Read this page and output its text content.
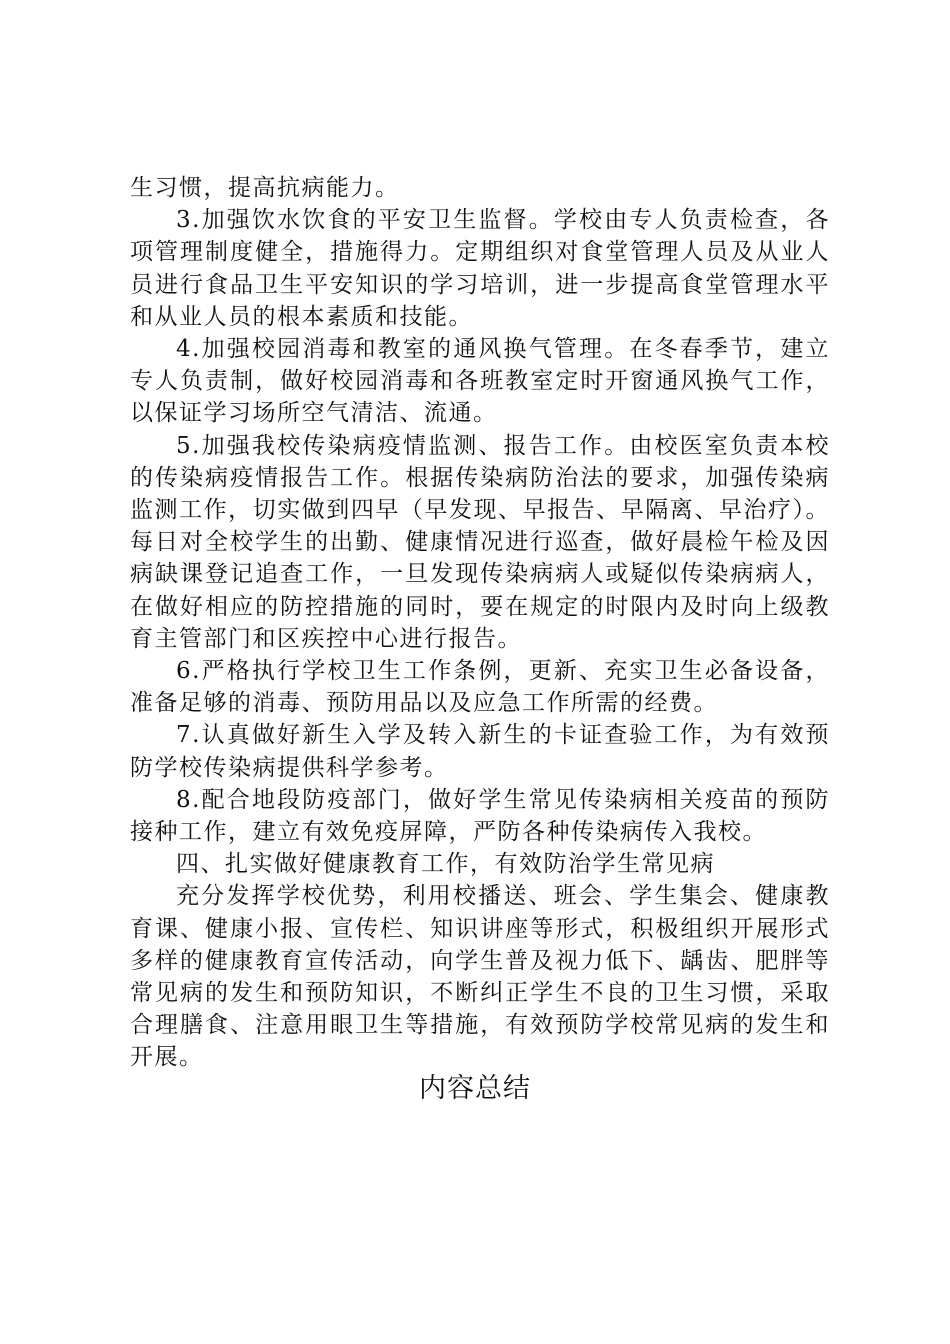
生习惯，提高抗病能力。

3.加强饮水饮食的平安卫生监督。学校由专人负责检查，各项管理制度健全，措施得力。定期组织对食堂管理人员及从业人员进行食品卫生平安知识的学习培训，进一步提高食堂管理水平和从业人员的根本素质和技能。

4.加强校园消毒和教室的通风换气管理。在冬春季节，建立专人负责制，做好校园消毒和各班教室定时开窗通风换气工作，以保证学习场所空气清洁、流通。

5.加强我校传染病疫情监测、报告工作。由校医室负责本校的传染病疫情报告工作。根据传染病防治法的要求，加强传染病监测工作，切实做到四早（早发现、早报告、早隔离、早治疗）。每日对全校学生的出勤、健康情况进行巡查，做好晨检午检及因病缺课登记追查工作，一旦发现传染病病人或疑似传染病病人，在做好相应的防控措施的同时，要在规定的时限内及时向上级教育主管部门和区疾控中心进行报告。

6.严格执行学校卫生工作条例，更新、充实卫生必备设备，准备足够的消毒、预防用品以及应急工作所需的经费。

7.认真做好新生入学及转入新生的卡证查验工作，为有效预防学校传染病提供科学参考。

8.配合地段防疫部门，做好学生常见传染病相关疫苗的预防接种工作，建立有效免疫屏障，严防各种传染病传入我校。

四、扎实做好健康教育工作，有效防治学生常见病

充分发挥学校优势，利用校播送、班会、学生集会、健康教育课、健康小报、宣传栏、知识讲座等形式，积极组织开展形式多样的健康教育宣传活动，向学生普及视力低下、龋齿、肥胖等常见病的发生和预防知识，不断纠正学生不良的卫生习惯，采取合理膳食、注意用眼卫生等措施，有效预防学校常见病的发生和开展。

内容总结
